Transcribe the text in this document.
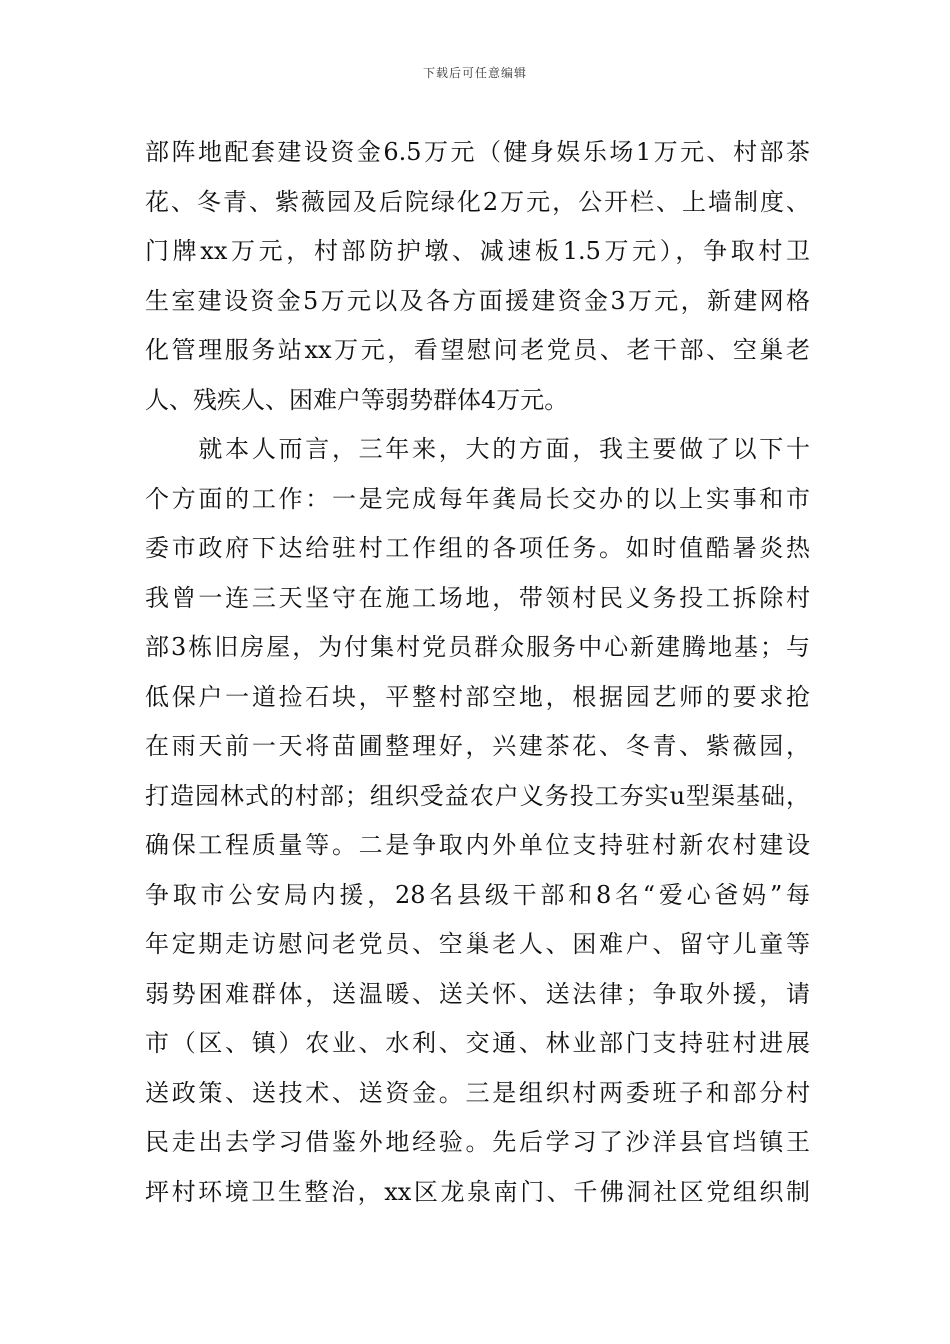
下载后可任意编辑
部阵地配套建设资金6.5万元（健身娱乐场1万元、村部茶
花、冬青、紫薇园及后院绿化2万元，公开栏、上墙制度、
门牌xx万元，村部防护墩、减速板1.5万元），争取村卫
生室建设资金5万元以及各方面援建资金3万元，新建网格
化管理服务站xx万元，看望慰问老党员、老干部、空巢老
人、残疾人、困难户等弱势群体4万元。
　　就本人而言，三年来，大的方面，我主要做了以下十
个方面的工作：一是完成每年龚局长交办的以上实事和市
委市政府下达给驻村工作组的各项任务。如时值酷暑炎热
我曾一连三天坚守在施工场地，带领村民义务投工拆除村
部3栋旧房屋，为付集村党员群众服务中心新建腾地基；与
低保户一道捡石块，平整村部空地，根据园艺师的要求抢
在雨天前一天将苗圃整理好，兴建茶花、冬青、紫薇园，
打造园林式的村部；组织受益农户义务投工夯实u型渠基础，
确保工程质量等。二是争取内外单位支持驻村新农村建设
争取市公安局内援，28名县级干部和8名“爱心爸妈”每
年定期走访慰问老党员、空巢老人、困难户、留守儿童等
弱势困难群体，送温暖、送关怀、送法律；争取外援，请
市（区、镇）农业、水利、交通、林业部门支持驻村进展
送政策、送技术、送资金。三是组织村两委班子和部分村
民走出去学习借鉴外地经验。先后学习了沙洋县官垱镇王
坪村环境卫生整治，xx区龙泉南门、千佛洞社区党组织制
